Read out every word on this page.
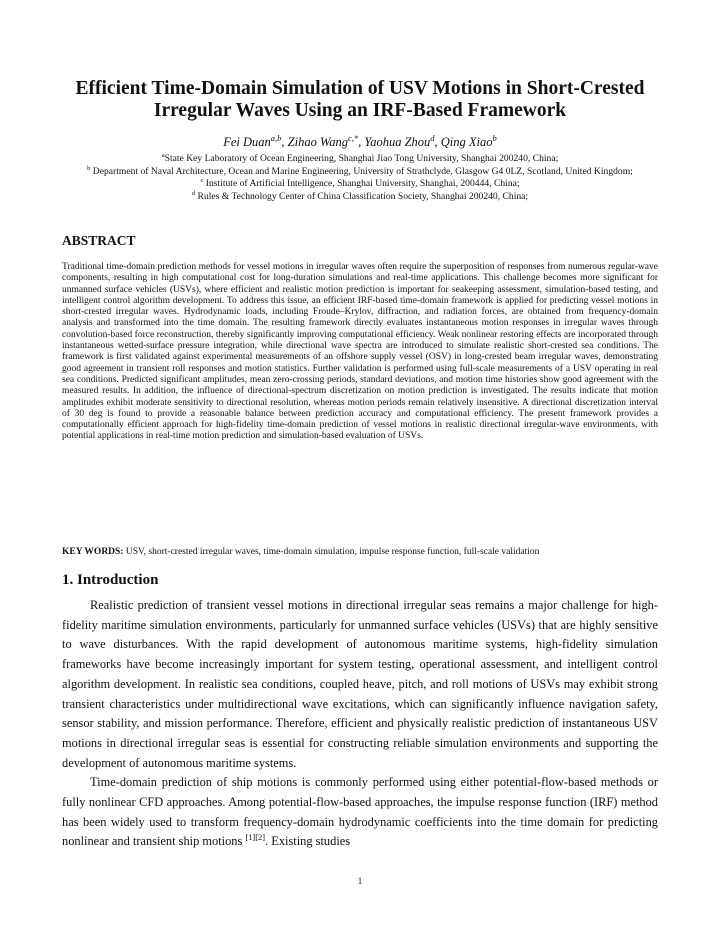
Efficient Time-Domain Simulation of USV Motions in Short-Crested
Irregular Waves Using an IRF-Based Framework
Fei Duan$^{a,b}$, Zihao Wang$^{c,*}$, Yaohua Zhou$^d$, Qing Xiao$^b$
$^a$State Key Laboratory of Ocean Engineering, Shanghai Jiao Tong University, Shanghai 200240, China;
$^b$ Department of Naval Architecture, Ocean and Marine Engineering, University of Strathclyde, Glasgow G4 0LZ, Scotland, United Kingdom;
$^c$ Institute of Artificial Intelligence, Shanghai University, Shanghai, 200444, China;
$^d$ Rules & Technology Center of China Classification Society, Shanghai 200240, China;
ABSTRACT
Traditional time-domain prediction methods for vessel motions in irregular waves often require the superposition of responses from numerous regular-wave components, resulting in high computational cost for long-duration simulations and real-time applications. This challenge becomes more significant for unmanned surface vehicles (USVs), where efficient and realistic motion prediction is important for seakeeping assessment, simulation-based testing, and intelligent control algorithm development. To address this issue, an efficient IRF-based time-domain framework is applied for predicting vessel motions in short-crested irregular waves. Hydrodynamic loads, including Froude–Krylov, diffraction, and radiation forces, are obtained from frequency-domain analysis and transformed into the time domain. The resulting framework directly evaluates instantaneous motion responses in irregular waves through convolution-based force reconstruction, thereby significantly improving computational efficiency. Weak nonlinear restoring effects are incorporated through instantaneous wetted-surface pressure integration, while directional wave spectra are introduced to simulate realistic short-crested sea conditions. The framework is first validated against experimental measurements of an offshore supply vessel (OSV) in long-crested beam irregular waves, demonstrating good agreement in transient roll responses and motion statistics. Further validation is performed using full-scale measurements of a USV operating in real sea conditions. Predicted significant amplitudes, mean zero-crossing periods, standard deviations, and motion time histories show good agreement with the measured results. In addition, the influence of directional-spectrum discretization on motion prediction is investigated. The results indicate that motion amplitudes exhibit moderate sensitivity to directional resolution, whereas motion periods remain relatively insensitive. A directional discretization interval of 30 deg is found to provide a reasonable balance between prediction accuracy and computational efficiency. The present framework provides a computationally efficient approach for high-fidelity time-domain prediction of vessel motions in realistic directional irregular-wave environments, with potential applications in real-time motion prediction and simulation-based evaluation of USVs.
KEY WORDS: USV, short-crested irregular waves, time-domain simulation, impulse response function, full-scale validation
1. Introduction

Realistic prediction of transient vessel motions in directional irregular seas remains a major challenge for high-fidelity maritime simulation environments, particularly for unmanned surface vehicles (USVs) that are highly sensitive to wave disturbances. With the rapid development of autonomous maritime systems, high-fidelity simulation frameworks have become increasingly important for system testing, operational assessment, and intelligent control algorithm development. In realistic sea conditions, coupled heave, pitch, and roll motions of USVs may exhibit strong transient characteristics under multidirectional wave excitations, which can significantly influence navigation safety, sensor stability, and mission performance. Therefore, efficient and physically realistic prediction of instantaneous USV motions in directional irregular seas is essential for constructing reliable simulation environments and supporting the development of autonomous maritime systems.

Time-domain prediction of ship motions is commonly performed using either potential-flow-based methods or fully nonlinear CFD approaches. Among potential-flow-based approaches, the impulse response function (IRF) method has been widely used to transform frequency-domain hydrodynamic coefficients into the time domain for predicting nonlinear and transient ship motions [1][2]. Existing studies

1
